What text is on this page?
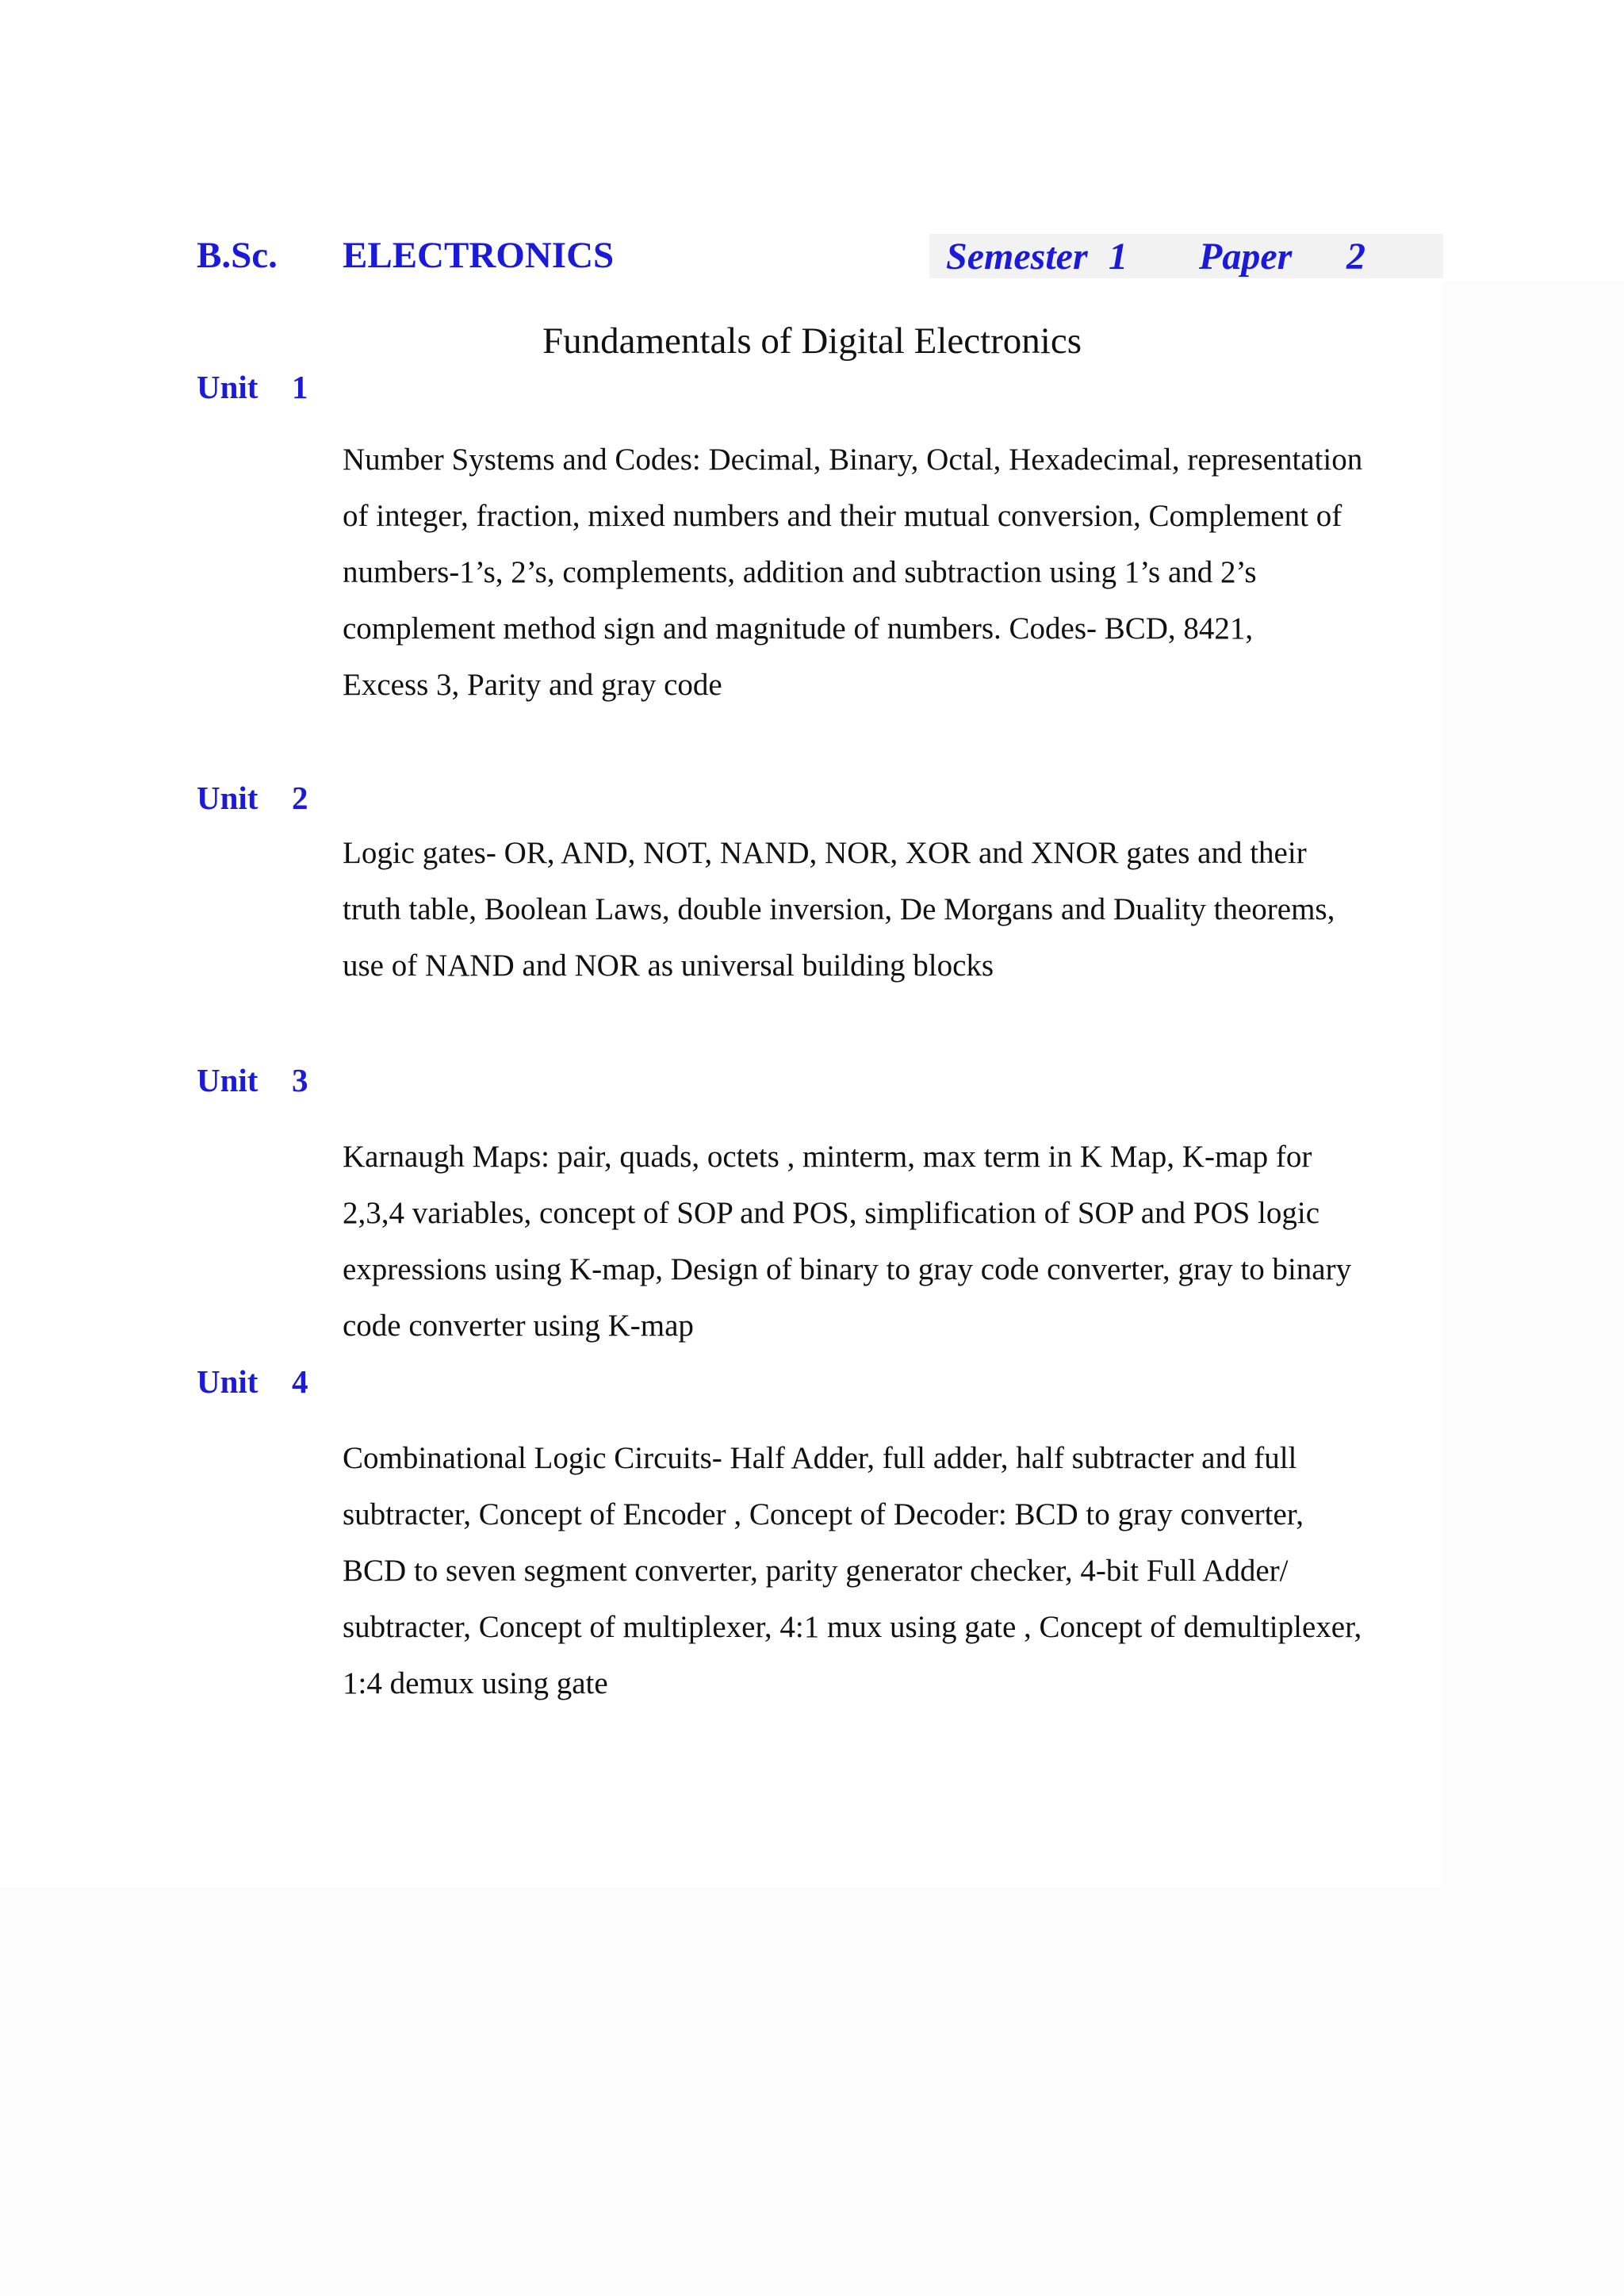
B.Sc. ELECTRONICS	Semester 1 Paper 2
Fundamentals of Digital Electronics
Unit 1
Number Systems and Codes: Decimal, Binary, Octal, Hexadecimal, representation
of integer, fraction, mixed numbers and their mutual conversion, Complement of
numbers-1’s, 2’s, complements, addition and subtraction using 1’s and 2’s
complement method sign and magnitude of numbers. Codes- BCD, 8421,
Excess 3, Parity and gray code
Unit 2
Logic gates- OR, AND, NOT, NAND, NOR, XOR and XNOR gates and their
truth table, Boolean Laws, double inversion, De Morgans and Duality theorems,
use of NAND and NOR as universal building blocks
Unit 3
Karnaugh Maps: pair, quads, octets , minterm, max term in K Map, K-map for
2,3,4 variables, concept of SOP and POS, simplification of SOP and POS logic
expressions using K-map, Design of binary to gray code converter, gray to binary
code converter using K-map
Unit 4
Combinational Logic Circuits- Half Adder, full adder, half subtracter and full
subtracter, Concept of Encoder , Concept of Decoder: BCD to gray converter,
BCD to seven segment converter, parity generator checker, 4-bit Full Adder/
subtracter, Concept of multiplexer, 4:1 mux using gate , Concept of demultiplexer,
1:4 demux using gate
